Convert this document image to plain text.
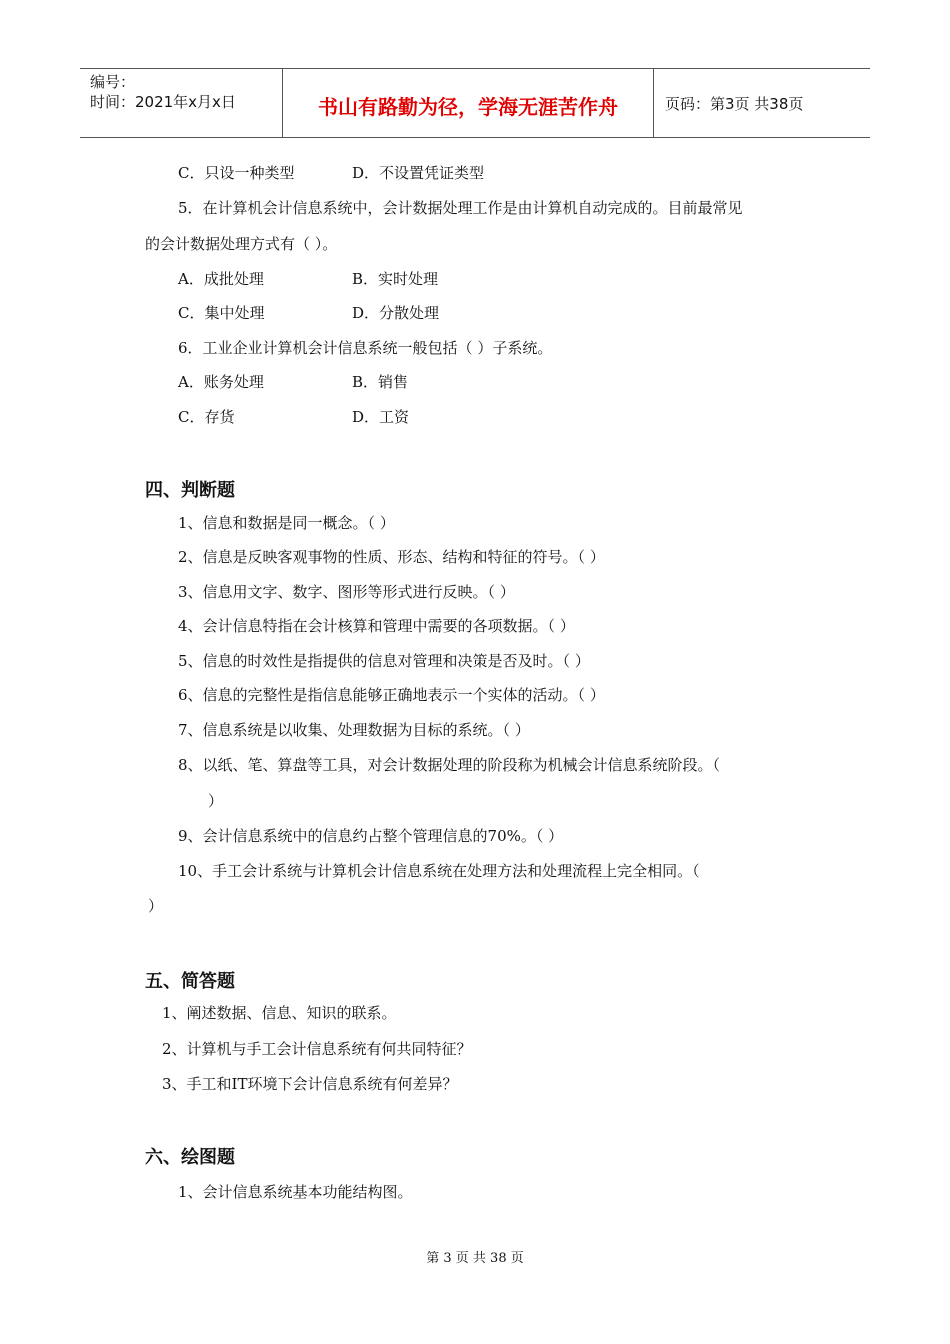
编号：
时间：2021年x月x日	书山有路勤为径，学海无涯苦作舟	页码：第3页 共38页
C．只设一种类型	D．不设置凭证类型
5．在计算机会计信息系统中，会计数据处理工作是由计算机自动完成的。目前最常见
的会计数据处理方式有（ ）。
A．成批处理	B．实时处理
C．集中处理	D．分散处理
6．工业企业计算机会计信息系统一般包括（ ）子系统。
A．账务处理	B．销售
C．存货	D．工资
四、判断题
1、信息和数据是同一概念。（ ）
2、信息是反映客观事物的性质、形态、结构和特征的符号。（ ）
3、信息用文字、数字、图形等形式进行反映。（ ）
4、会计信息特指在会计核算和管理中需要的各项数据。（ ）
5、信息的时效性是指提供的信息对管理和决策是否及时。（ ）
6、信息的完整性是指信息能够正确地表示一个实体的活动。（ ）
7、信息系统是以收集、处理数据为目标的系统。（ ）
8、以纸、笔、算盘等工具，对会计数据处理的阶段称为机械会计信息系统阶段。（
）
9、会计信息系统中的信息约占整个管理信息的70%。（ ）
10、手工会计系统与计算机会计信息系统在处理方法和处理流程上完全相同。（
）
五、简答题
1、阐述数据、信息、知识的联系。
2、计算机与手工会计信息系统有何共同特征？
3、手工和IT环境下会计信息系统有何差异？
六、绘图题
1、会计信息系统基本功能结构图。
第 3 页 共 38 页
